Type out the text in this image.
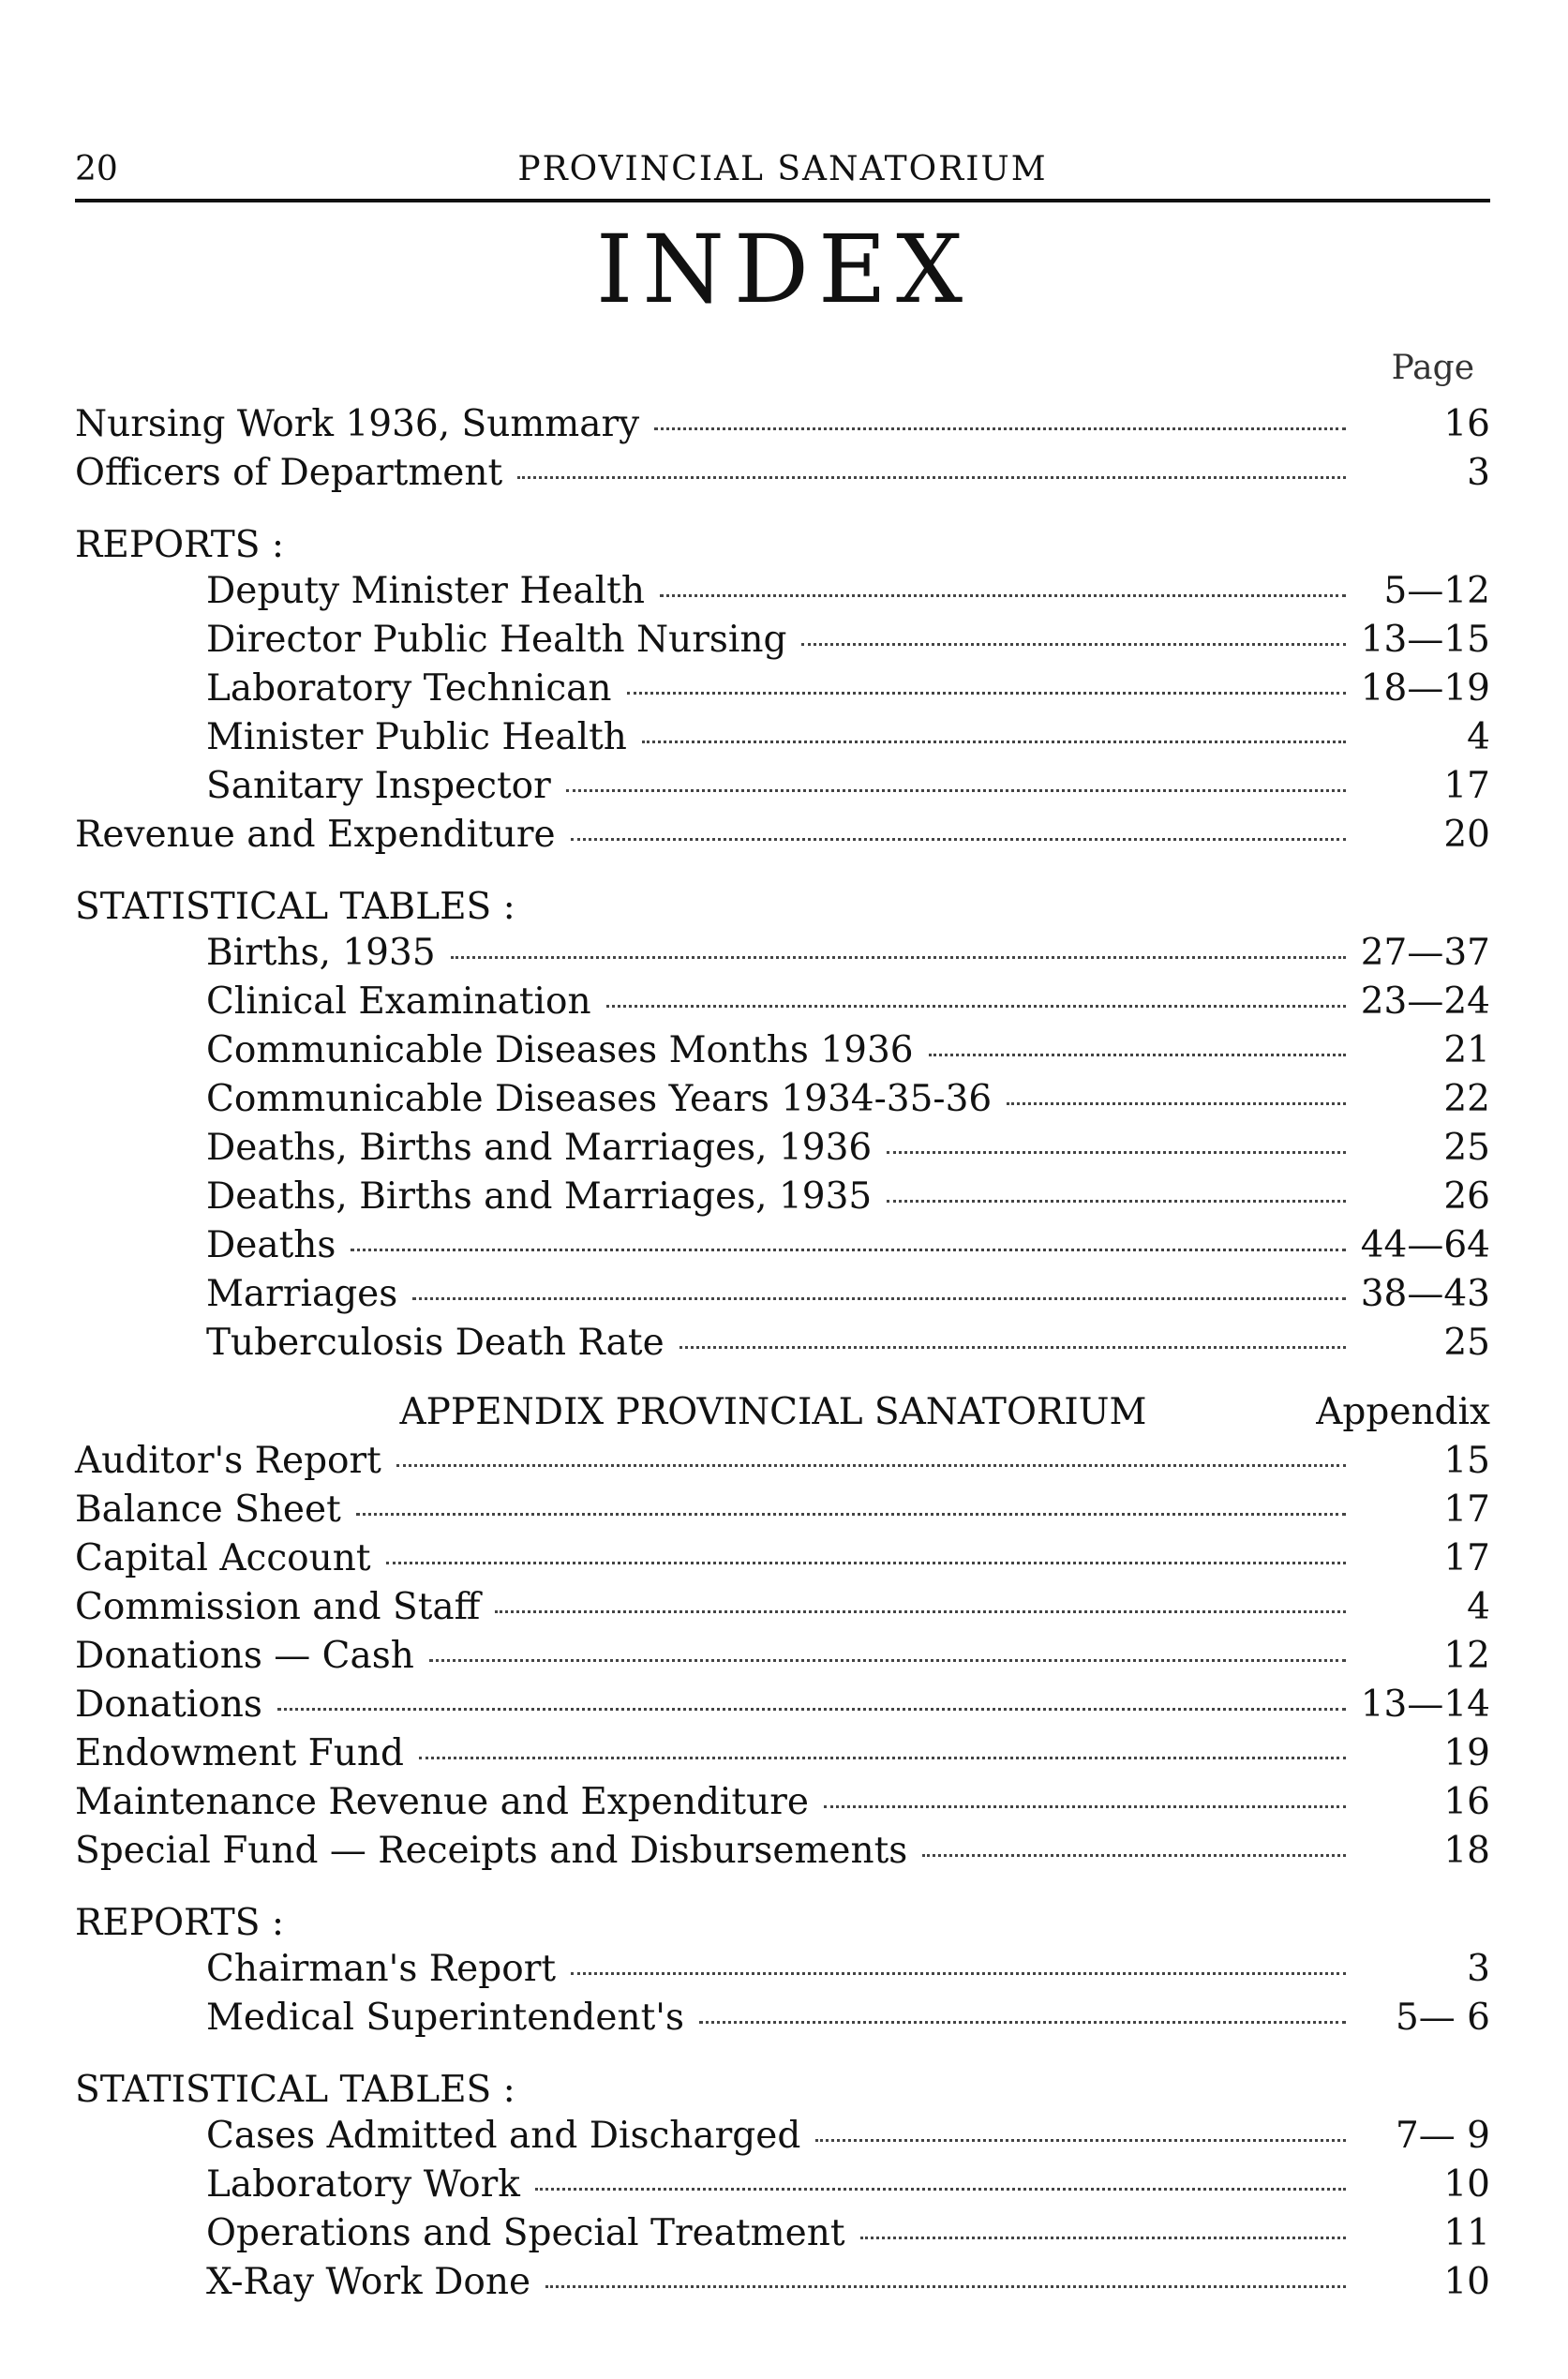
20	PROVINCIAL SANATORIUM
INDEX
Page
Nursing Work 1936, Summary	16
Officers of Department	3
REPORTS :
Deputy Minister Health	5—12
Director Public Health Nursing	13—15
Laboratory Technican	18—19
Minister Public Health	4
Sanitary Inspector	17
Revenue and Expenditure	20
STATISTICAL TABLES :
Births, 1935	27—37
Clinical Examination	23—24
Communicable Diseases Months 1936	21
Communicable Diseases Years 1934-35-36	22
Deaths, Births and Marriages, 1936	25
Deaths, Births and Marriages, 1935	26
Deaths	44—64
Marriages	38—43
Tuberculosis Death Rate	25
APPENDIX PROVINCIAL SANATORIUM	Appendix
Auditor's Report	15
Balance Sheet	17
Capital Account	17
Commission and Staff	4
Donations — Cash	12
Donations	13—14
Endowment Fund	19
Maintenance Revenue and Expenditure	16
Special Fund — Receipts and Disbursements	18
REPORTS :
Chairman's Report	3
Medical Superintendent's	5— 6
STATISTICAL TABLES :
Cases Admitted and Discharged	7— 9
Laboratory Work	10
Operations and Special Treatment	11
X-Ray Work Done	10
